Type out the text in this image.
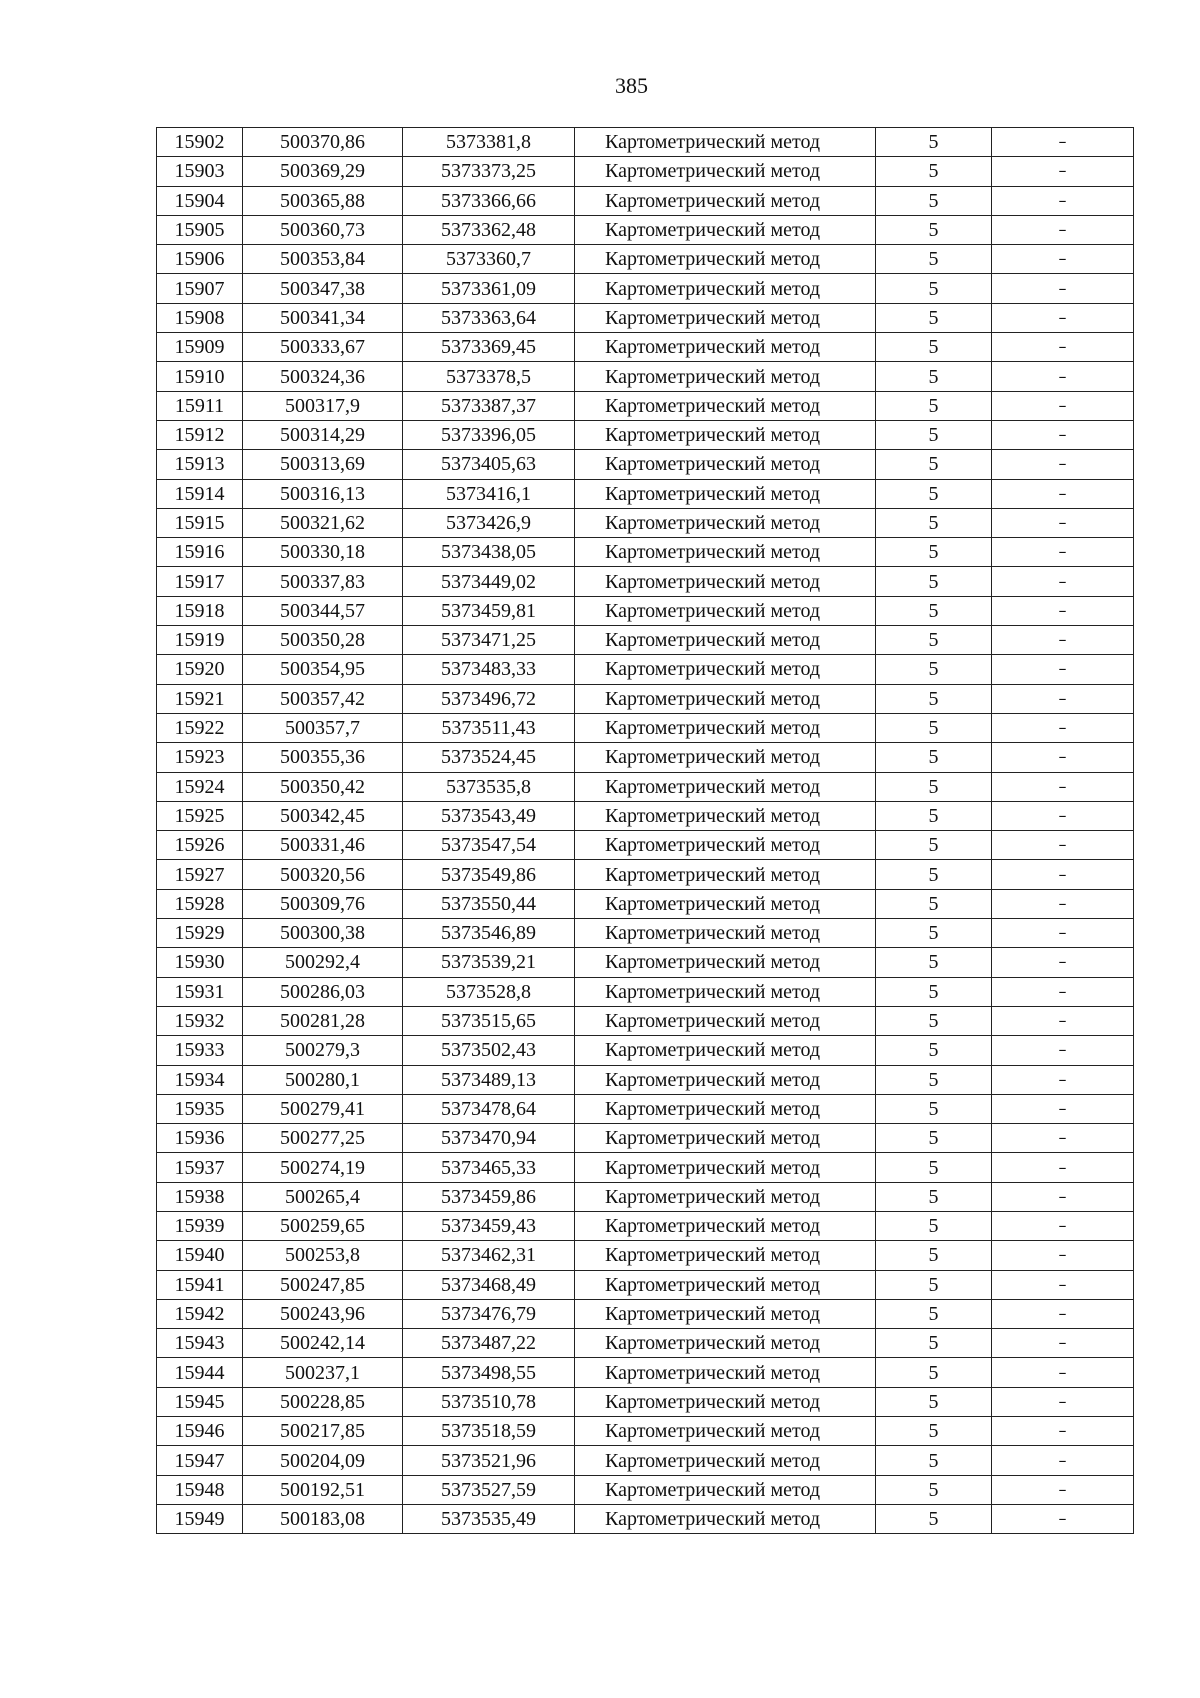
385
15902	500370,86	5373381,8	Картометрический метод	5	–
15903	500369,29	5373373,25	Картометрический метод	5	–
15904	500365,88	5373366,66	Картометрический метод	5	–
15905	500360,73	5373362,48	Картометрический метод	5	–
15906	500353,84	5373360,7	Картометрический метод	5	–
15907	500347,38	5373361,09	Картометрический метод	5	–
15908	500341,34	5373363,64	Картометрический метод	5	–
15909	500333,67	5373369,45	Картометрический метод	5	–
15910	500324,36	5373378,5	Картометрический метод	5	–
15911	500317,9	5373387,37	Картометрический метод	5	–
15912	500314,29	5373396,05	Картометрический метод	5	–
15913	500313,69	5373405,63	Картометрический метод	5	–
15914	500316,13	5373416,1	Картометрический метод	5	–
15915	500321,62	5373426,9	Картометрический метод	5	–
15916	500330,18	5373438,05	Картометрический метод	5	–
15917	500337,83	5373449,02	Картометрический метод	5	–
15918	500344,57	5373459,81	Картометрический метод	5	–
15919	500350,28	5373471,25	Картометрический метод	5	–
15920	500354,95	5373483,33	Картометрический метод	5	–
15921	500357,42	5373496,72	Картометрический метод	5	–
15922	500357,7	5373511,43	Картометрический метод	5	–
15923	500355,36	5373524,45	Картометрический метод	5	–
15924	500350,42	5373535,8	Картометрический метод	5	–
15925	500342,45	5373543,49	Картометрический метод	5	–
15926	500331,46	5373547,54	Картометрический метод	5	–
15927	500320,56	5373549,86	Картометрический метод	5	–
15928	500309,76	5373550,44	Картометрический метод	5	–
15929	500300,38	5373546,89	Картометрический метод	5	–
15930	500292,4	5373539,21	Картометрический метод	5	–
15931	500286,03	5373528,8	Картометрический метод	5	–
15932	500281,28	5373515,65	Картометрический метод	5	–
15933	500279,3	5373502,43	Картометрический метод	5	–
15934	500280,1	5373489,13	Картометрический метод	5	–
15935	500279,41	5373478,64	Картометрический метод	5	–
15936	500277,25	5373470,94	Картометрический метод	5	–
15937	500274,19	5373465,33	Картометрический метод	5	–
15938	500265,4	5373459,86	Картометрический метод	5	–
15939	500259,65	5373459,43	Картометрический метод	5	–
15940	500253,8	5373462,31	Картометрический метод	5	–
15941	500247,85	5373468,49	Картометрический метод	5	–
15942	500243,96	5373476,79	Картометрический метод	5	–
15943	500242,14	5373487,22	Картометрический метод	5	–
15944	500237,1	5373498,55	Картометрический метод	5	–
15945	500228,85	5373510,78	Картометрический метод	5	–
15946	500217,85	5373518,59	Картометрический метод	5	–
15947	500204,09	5373521,96	Картометрический метод	5	–
15948	500192,51	5373527,59	Картометрический метод	5	–
15949	500183,08	5373535,49	Картометрический метод	5	–
